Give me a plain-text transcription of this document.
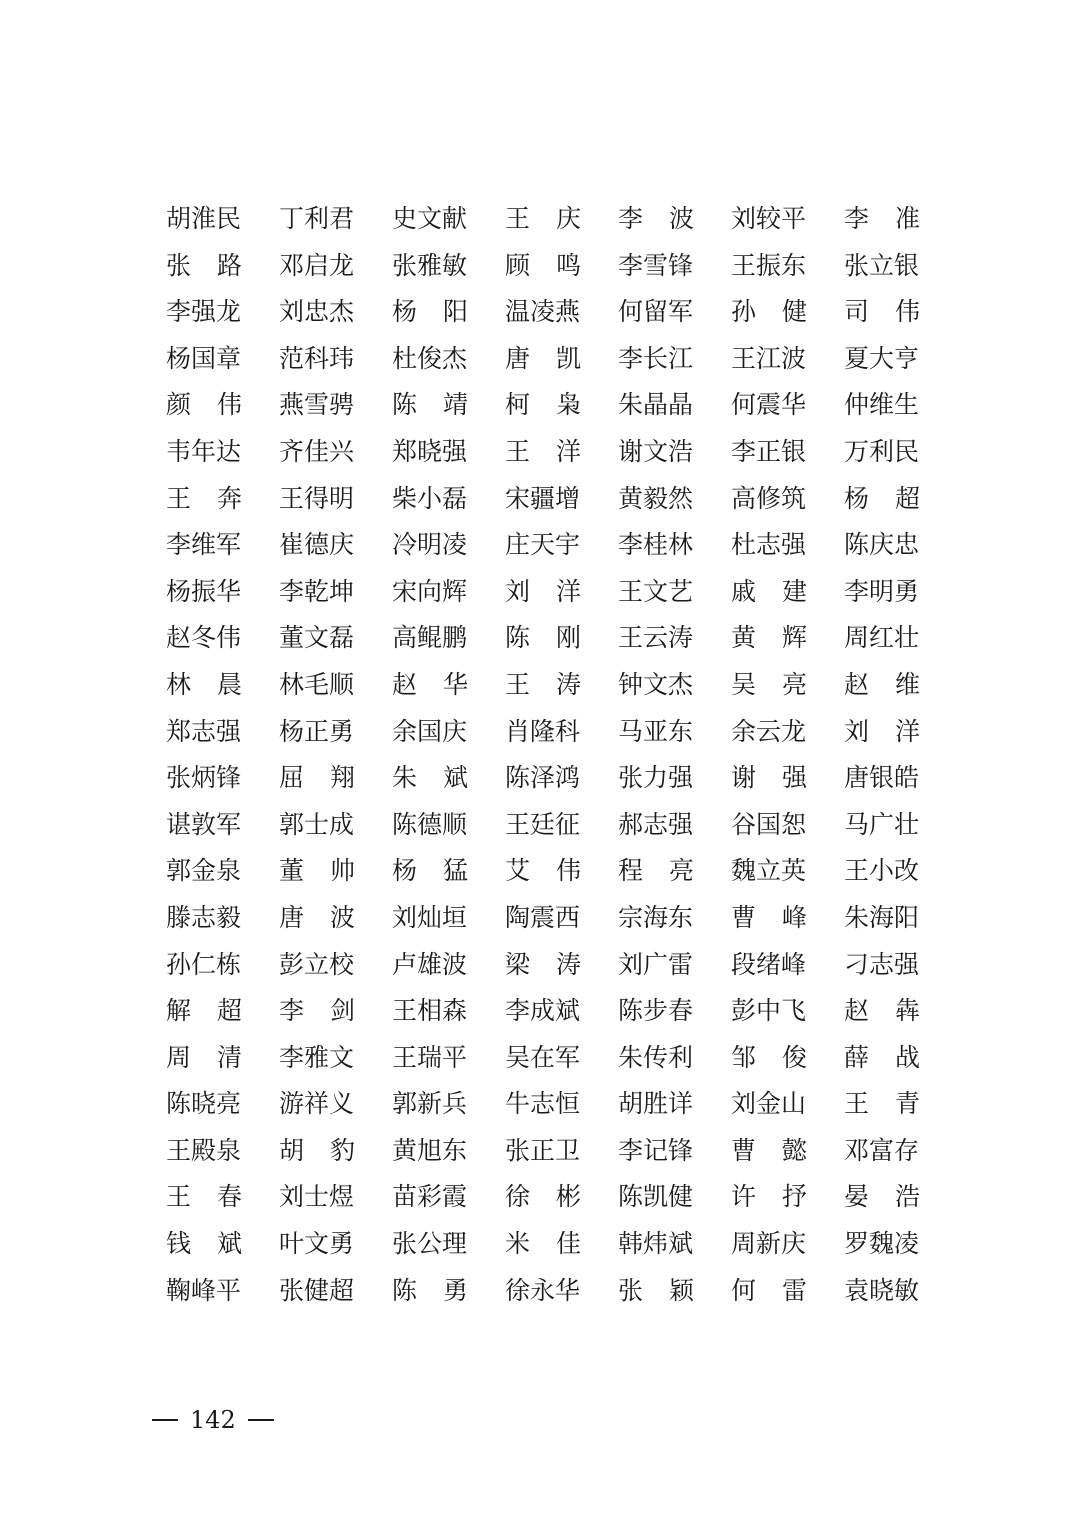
胡淮民 丁利君 史文献 王 庆 李 波 刘较平 李 准
张 路 邓启龙 张雅敏 顾 鸣 李雪锋 王振东 张立银
李强龙 刘忠杰 杨 阳 温凌燕 何留军 孙 健 司 伟
杨国章 范科玮 杜俊杰 唐 凯 李长江 王江波 夏大亨
颜 伟 燕雪骋 陈 靖 柯 枭 朱晶晶 何震华 仲维生
韦年达 齐佳兴 郑晓强 王 洋 谢文浩 李正银 万利民
王 奔 王得明 柴小磊 宋疆增 黄毅然 高修筑 杨 超
李维军 崔德庆 冷明凌 庄天宇 李桂林 杜志强 陈庆忠
杨振华 李乾坤 宋向辉 刘 洋 王文艺 戚 建 李明勇
赵冬伟 董文磊 高鲲鹏 陈 刚 王云涛 黄 辉 周红壮
林 晨 林毛顺 赵 华 王 涛 钟文杰 吴 亮 赵 维
郑志强 杨正勇 余国庆 肖隆科 马亚东 余云龙 刘 洋
张炳锋 屈 翔 朱 斌 陈泽鸿 张力强 谢 强 唐银皓
谌敦军 郭士成 陈德顺 王廷征 郝志强 谷国恕 马广壮
郭金泉 董 帅 杨 猛 艾 伟 程 亮 魏立英 王小改
滕志毅 唐 波 刘灿垣 陶震西 宗海东 曹 峰 朱海阳
孙仁栋 彭立校 卢雄波 梁 涛 刘广雷 段绪峰 刁志强
解 超 李 剑 王相森 李成斌 陈步春 彭中飞 赵 犇
周 清 李雅文 王瑞平 吴在军 朱传利 邹 俊 薛 战
陈晓亮 游祥义 郭新兵 牛志恒 胡胜详 刘金山 王 青
王殿泉 胡 豹 黄旭东 张正卫 李记锋 曹 懿 邓富存
王 春 刘士煜 苗彩霞 徐 彬 陈凯健 许 抒 晏 浩
钱 斌 叶文勇 张公理 米 佳 韩炜斌 周新庆 罗魏凌
鞠峰平 张健超 陈 勇 徐永华 张 颖 何 雷 袁晓敏
142
